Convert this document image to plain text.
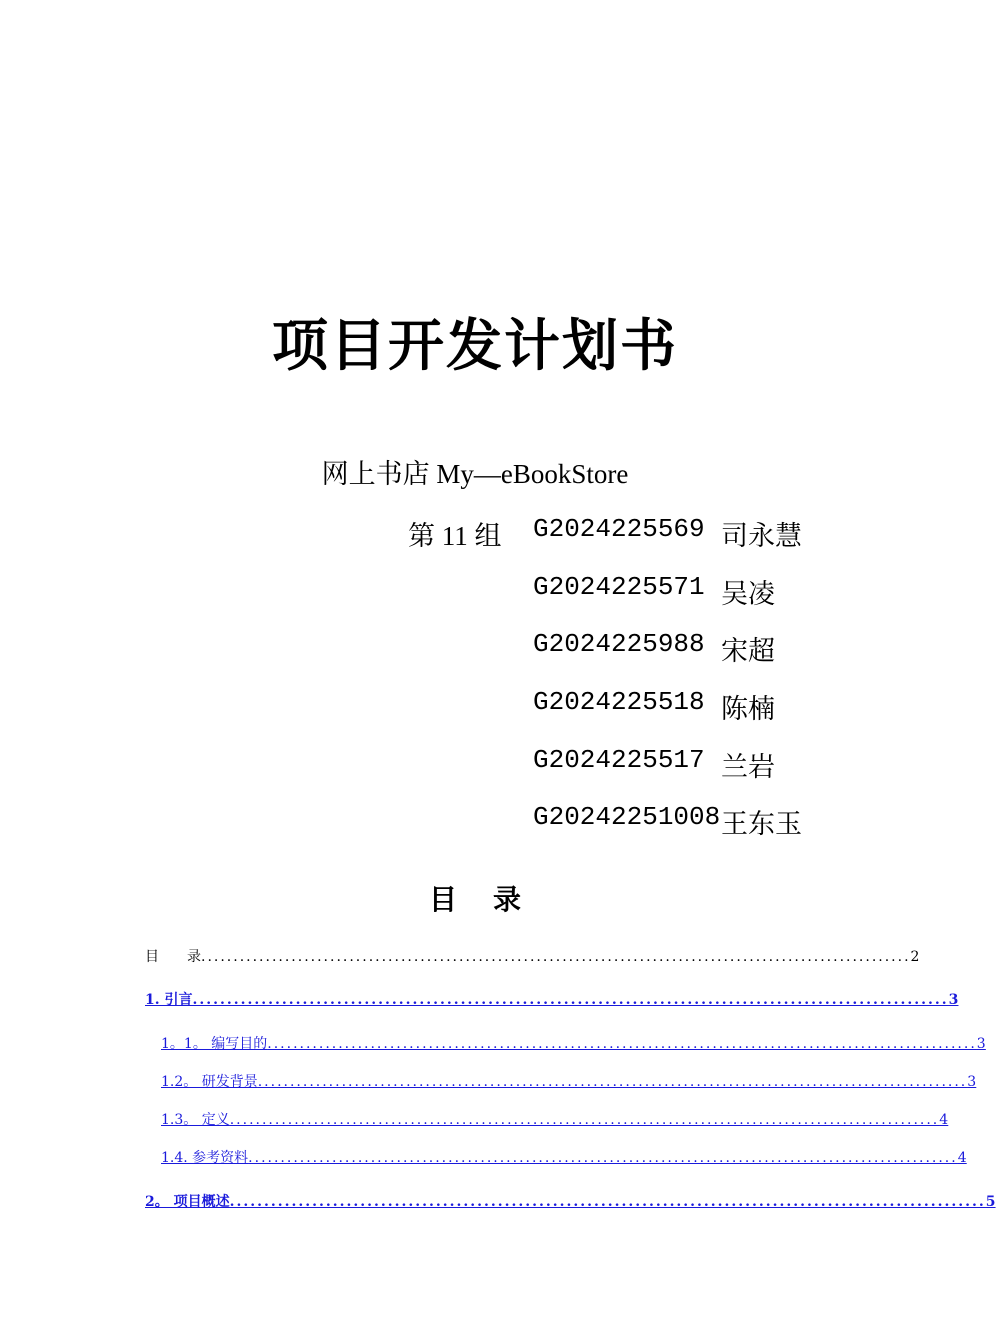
项目开发计划书
网上书店 My—eBookStore
第 11 组 G2024225569 司永慧
G2024225571 吴凌
G2024225988 宋超
G2024225518 陈楠
G2024225517 兰岩
G20242251008 王东玉
目 录
目　　录 .............................................................................................................. 2
1. 引言 .............................................................................................................. 3
1。1。 编写目的 .............................................................................................................. 3
1.2。 研发背景 .............................................................................................................. 3
1.3。 定义 .............................................................................................................. 4
1.4. 参考资料 .............................................................................................................. 4
2。 项目概述 .............................................................................................................. 5
